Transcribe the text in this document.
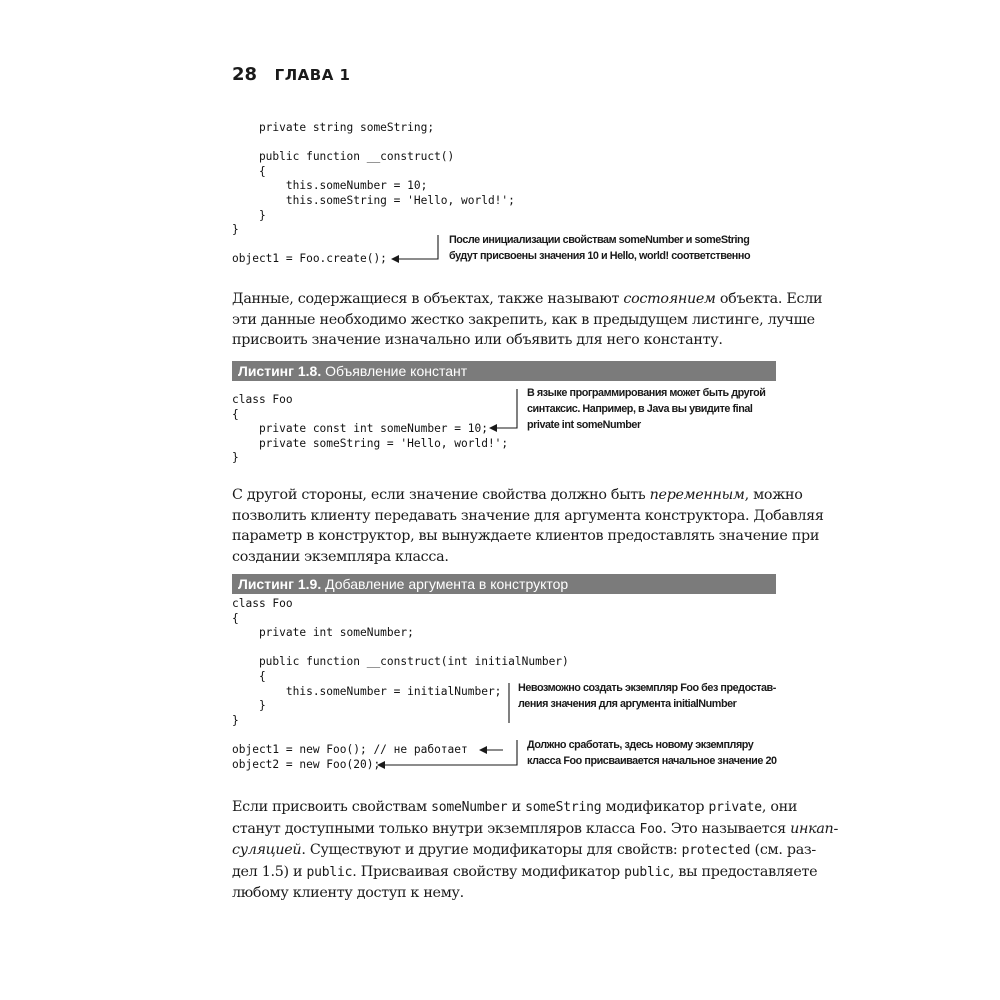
28 ГЛАВА 1
private string someString;

public function __construct()
{
this.someNumber = 10;
this.someString = 'Hello, world!';
}
}

object1 = Foo.create();
После инициализации свойствам someNumber и someString
будут присвоены значения 10 и Hello, world! соответственно
Данные, содержащиеся в объектах, также называют состоянием объекта. Если
эти данные необходимо жестко закрепить, как в предыдущем листинге, лучше
присвоить значение изначально или объявить для него константу.
Листинг 1.8. Объявление констант
class Foo
{
private const int someNumber = 10;
private someString = 'Hello, world!';
}
В языке программирования может быть другой
синтаксис. Например, в Java вы увидите final
private int someNumber
С другой стороны, если значение свойства должно быть переменным, можно
позволить клиенту передавать значение для аргумента конструктора. Добавляя
параметр в конструктор, вы вынуждаете клиентов предоставлять значение при
создании экземпляра класса.
Листинг 1.9. Добавление аргумента в конструктор
class Foo
{
private int someNumber;

public function __construct(int initialNumber)
{
this.someNumber = initialNumber;
}
}

object1 = new Foo(); // не работает
object2 = new Foo(20);
Невозможно создать экземпляр Foo без предостав-
ления значения для аргумента initialNumber
Должно сработать, здесь новому экземпляру
класса Foo присваивается начальное значение 20
Если присвоить свойствам someNumber и someString модификатор private, они
станут доступными только внутри экземпляров класса Foo. Это называется инкап-
суляцией. Существуют и другие модификаторы для свойств: protected (см. раз-
дел 1.5) и public. Присваивая свойству модификатор public, вы предоставляете
любому клиенту доступ к нему.
